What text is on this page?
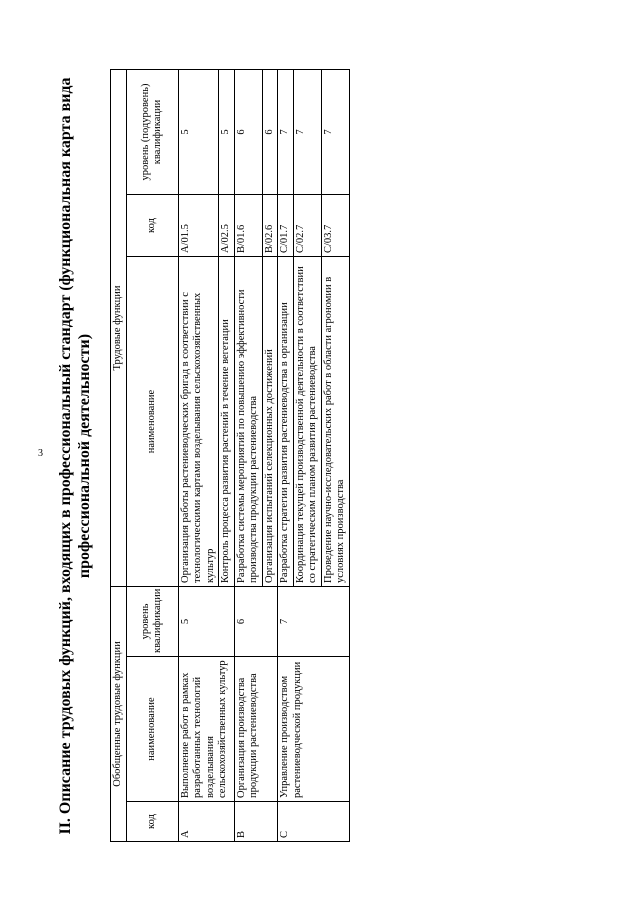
3 II. Описание трудовых функций, входящих в профессиональный стандарт (функциональная карта вида профессиональной деятельности)
Обобщенные трудовые функции			Трудовые функции		
код	наименование	уровень квалификации	наименование	код	уровень (подуровень) квалификации
A	Выполнение работ в рамках разработанных технологий возделывания сельскохозяйственных культур	5	Организация работы растениеводческих бригад в соответствии с технологическими картами возделывания сельскохозяйственных культур	A/01.5	5
			Контроль процесса развития растений в течение вегетации	A/02.5	5
B	Организация производства продукции растениеводства	6	Разработка системы мероприятий по повышению эффективности производства продукции растениеводства	B/01.6	6
			Организация испытаний селекционных достижений	B/02.6	6
C	Управление производством растениеводческой продукции	7	Разработка стратегии развития растениеводства в организации	C/01.7	7
			Координация текущей производственной деятельности в соответствии со стратегическим планом развития растениеводства	C/02.7	7
			Проведение научно-исследовательских работ в области агрономии в условиях производства	C/03.7	7
